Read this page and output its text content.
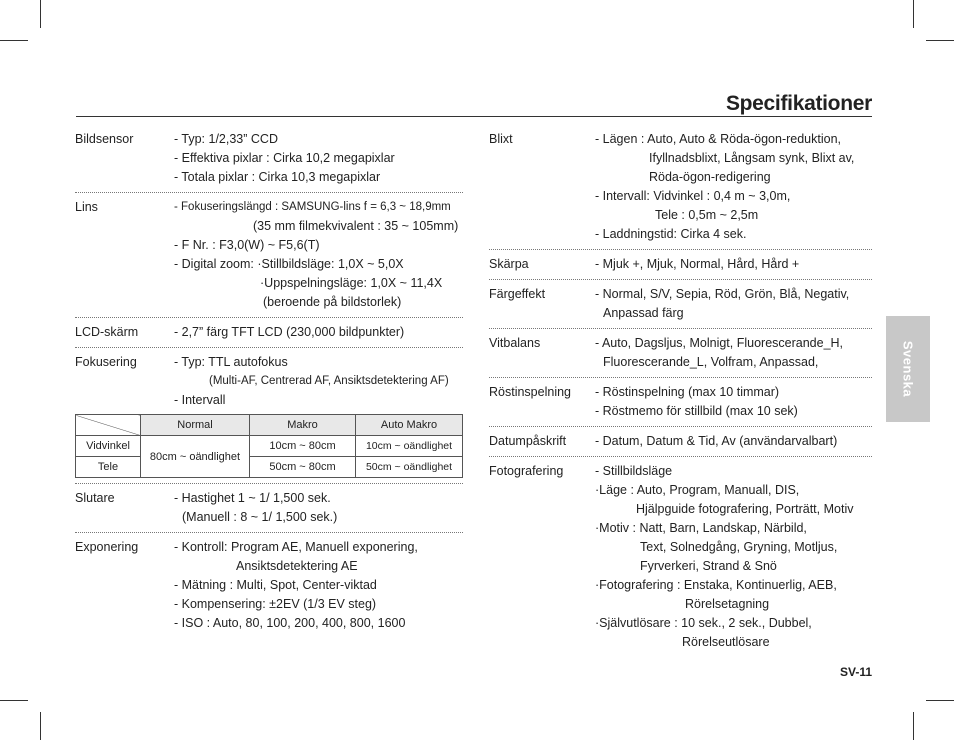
Specifikationer
Bildsensor	- Typ: 1/2,33” CCD
- Effektiva pixlar : Cirka 10,2 megapixlar
- Totala pixlar : Cirka 10,3 megapixlar
Lins	- Fokuseringslängd : SAMSUNG-lins f = 6,3 ~ 18,9mm
(35 mm filmekvivalent : 35 ~ 105mm)
- F Nr. : F3,0(W) ~ F5,6(T)
- Digital zoom: ·Stillbildsläge: 1,0X ~ 5,0X
·Uppspelningsläge: 1,0X ~ 11,4X
(beroende på bildstorlek)
LCD-skärm	- 2,7” färg TFT LCD (230,000 bildpunkter)
Fokusering	- Typ: TTL autofokus
(Multi-AF, Centrerad AF, Ansiktsdetektering AF)
- Intervall
	Normal	Makro	Auto Makro
Vidvinkel	80cm ~ oändlighet	10cm ~ 80cm	10cm ~ oändlighet
Tele		50cm ~ 80cm	50cm ~ oändlighet
Slutare	- Hastighet 1 ~ 1/ 1,500 sek.
(Manuell : 8 ~ 1/ 1,500 sek.)
Exponering	- Kontroll: Program AE, Manuell exponering,
Ansiktsdetektering AE
- Mätning : Multi, Spot, Center-viktad
- Kompensering: ±2EV (1/3 EV steg)
- ISO : Auto, 80, 100, 200, 400, 800, 1600
Blixt	- Lägen : Auto, Auto & Röda-ögon-reduktion,
Ifyllnadsblixt, Långsam synk, Blixt av,
Röda-ögon-redigering
- Intervall: Vidvinkel : 0,4 m ~ 3,0m,
Tele : 0,5m ~ 2,5m
- Laddningstid: Cirka 4 sek.
Skärpa	- Mjuk +, Mjuk, Normal, Hård, Hård +
Färgeffekt	- Normal, S/V, Sepia, Röd, Grön, Blå, Negativ,
Anpassad färg
Vitbalans	- Auto, Dagsljus, Molnigt, Fluorescerande_H,
Fluorescerande_L, Volfram, Anpassad,
Röstinspelning - Röstinspelning (max 10 timmar)
- Röstmemo för stillbild (max 10 sek)
Datumpåskrift - Datum, Datum & Tid, Av (användarvalbart)
Fotografering	- Stillbildsläge
·Läge : Auto, Program, Manuall, DIS,
Hjälpguide fotografering, Porträtt, Motiv
·Motiv : Natt, Barn, Landskap, Närbild,
Text, Solnedgång, Gryning, Motljus,
Fyrverkeri, Strand & Snö
·Fotografering : Enstaka, Kontinuerlig, AEB,
Rörelsetagning
·Självutlösare : 10 sek., 2 sek., Dubbel,
Rörelseutlösare
Svenska
SV-11
